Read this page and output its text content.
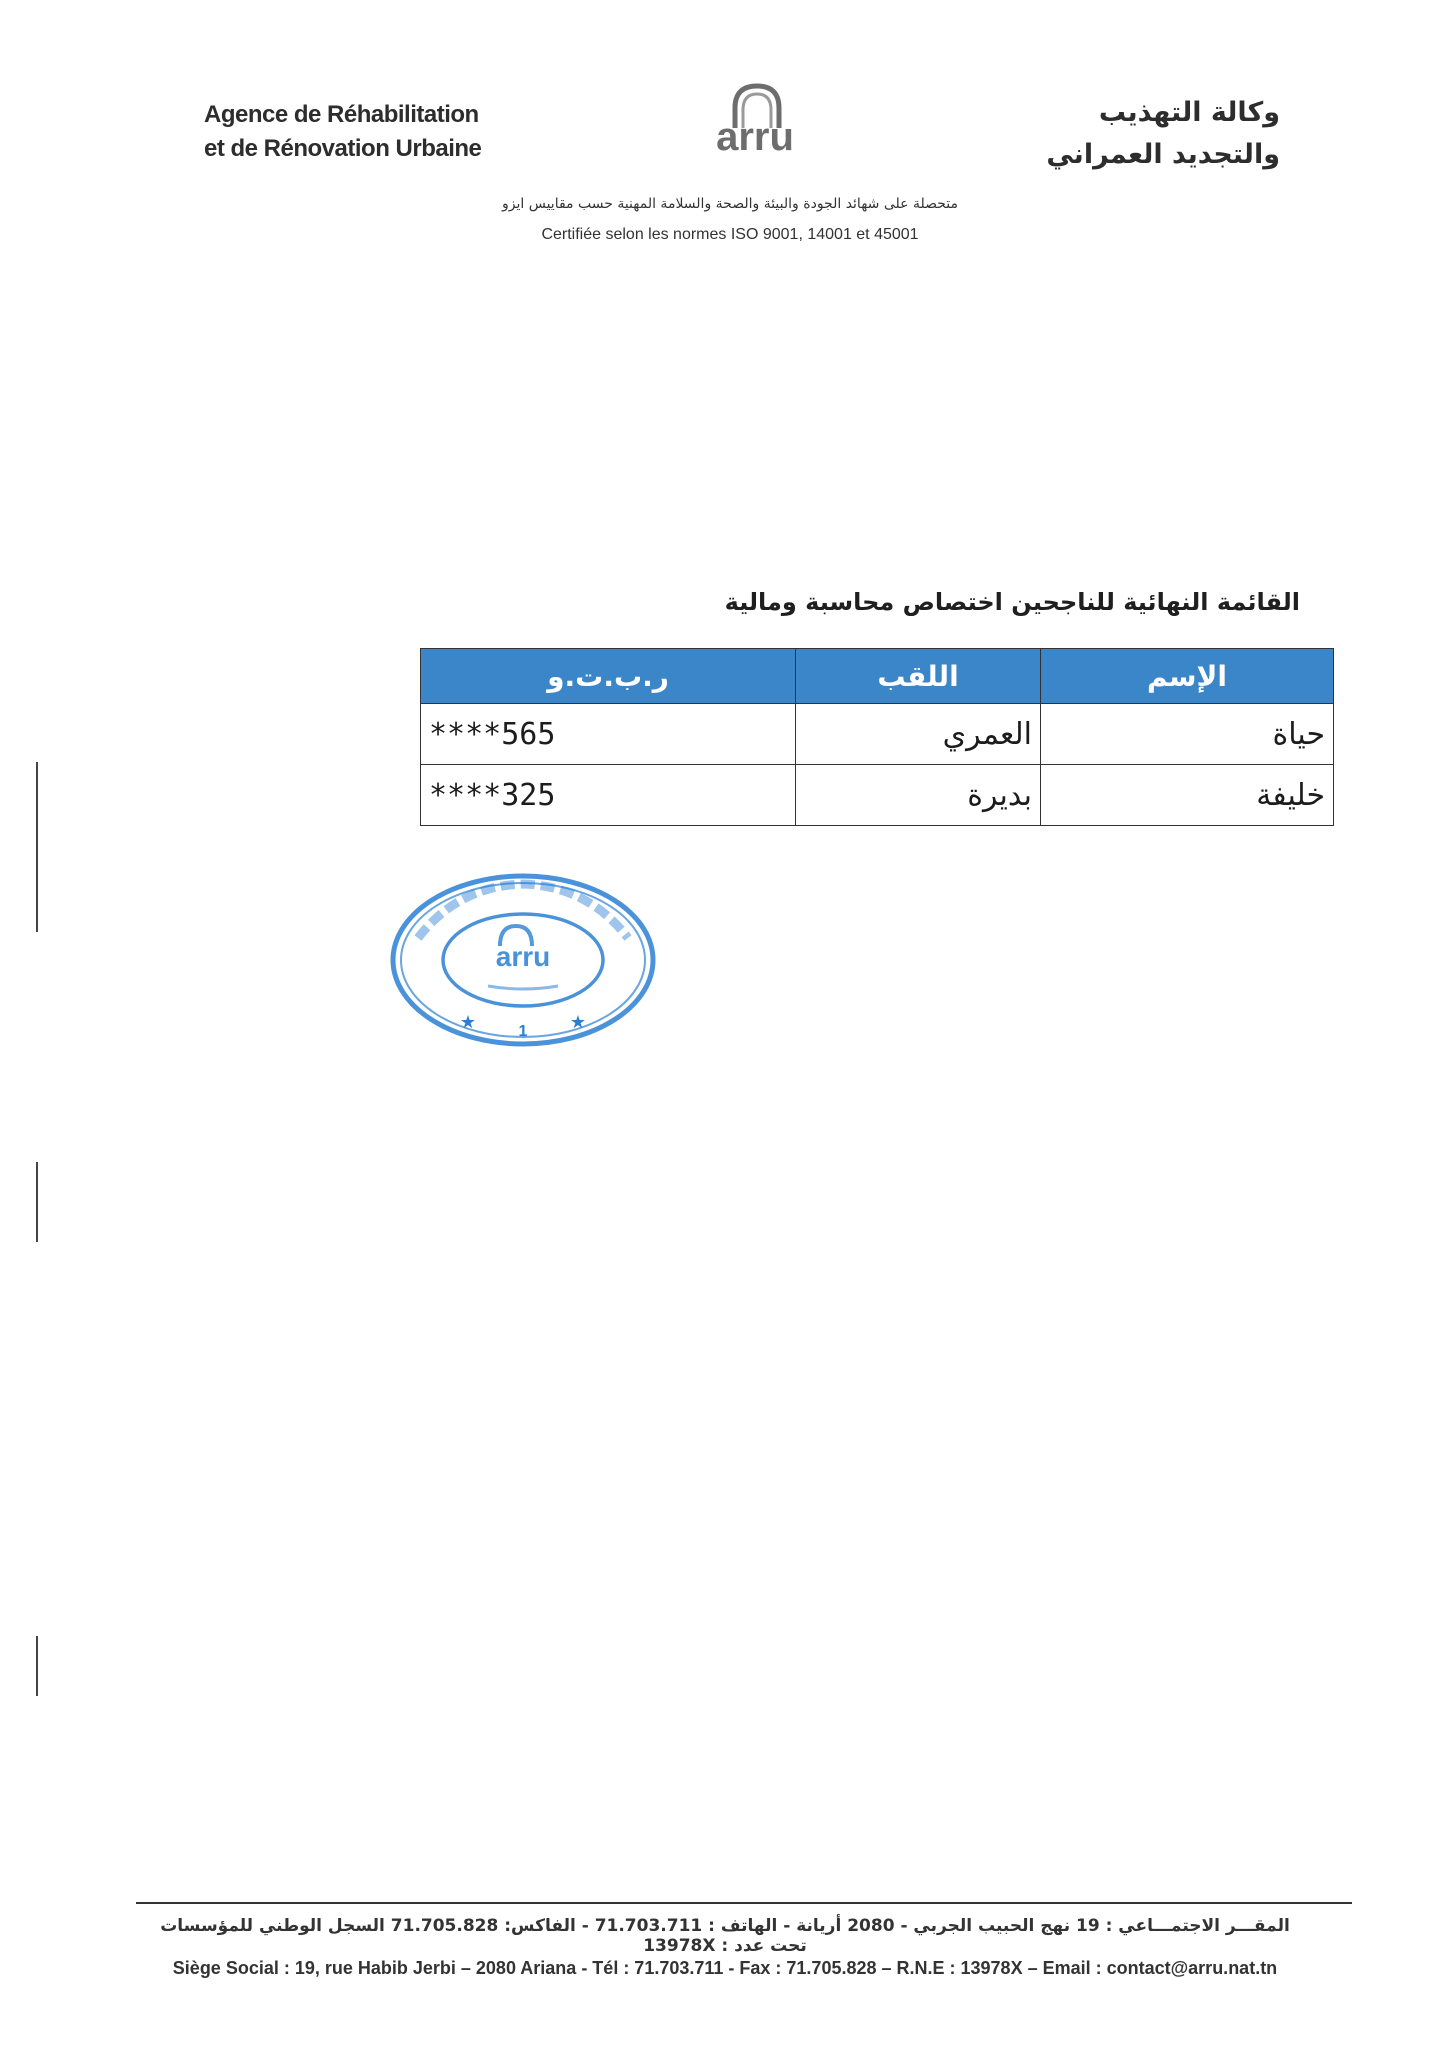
Agence de Réhabilitation
et de Rénovation Urbaine	arru
وكالة التهذيب
والتجديد العمراني
متحصلة على شهائد الجودة والبيئة والصحة والسلامة المهنية حسب مقاييس ايزو
Certifiée selon les normes ISO 9001, 14001 et 45001
القائمة النهائية للناجحين اختصاص محاسبة ومالية
الإسم	اللقب	ر.ب.ت.و
حياة	العمري	****565
خليفة	بديرة	****325
arru
★	★
1
المقـــر الاجتمـــاعي : 19 نهج الحبيب الجربي - 2080 أريانة - الهاتف : 71.703.711 - الفاكس: 71.705.828 السجل الوطني للمؤسسات تحت عدد : 13978X
Siège Social : 19, rue Habib Jerbi – 2080 Ariana - Tél : 71.703.711 - Fax : 71.705.828 – R.N.E : 13978X – Email : contact@arru.nat.tn
